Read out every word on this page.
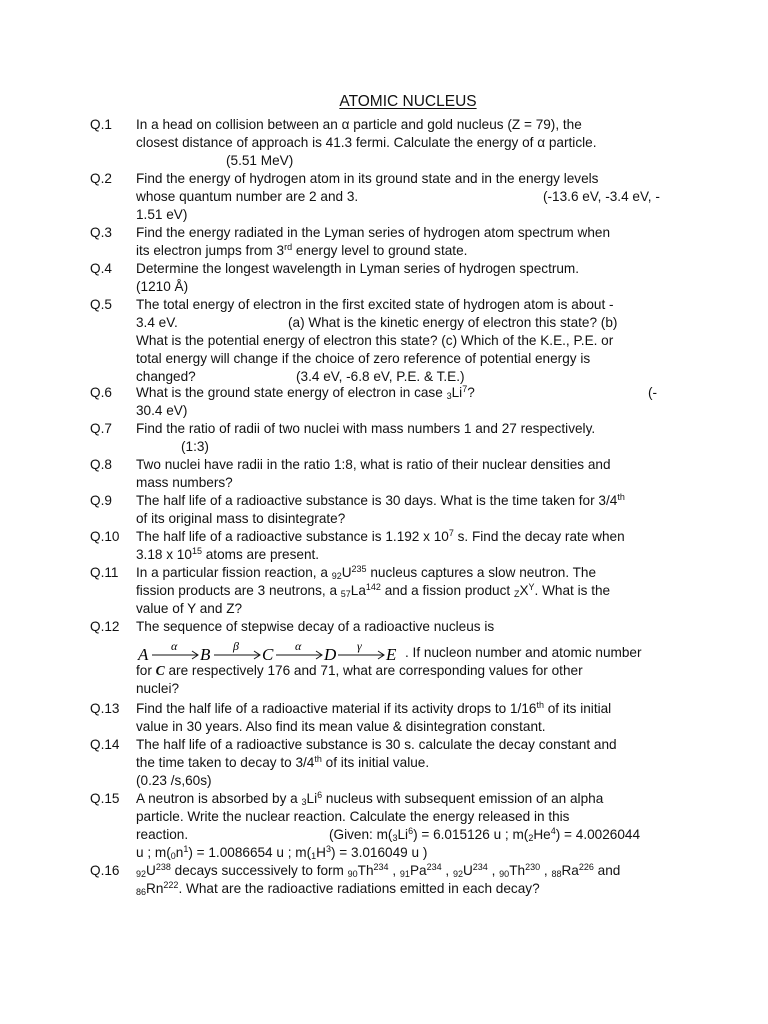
ATOMIC NUCLEUS
Q.1	In a head on collision between an α particle and gold nucleus (Z = 79), the
closest distance of approach is 41.3 fermi. Calculate the energy of α particle.
(5.51 MeV)
Q.2	Find the energy of hydrogen atom in its ground state and in the energy levels
whose quantum number are 2 and 3.	(-13.6 eV, -3.4 eV, -
1.51 eV)
Q.3	Find the energy radiated in the Lyman series of hydrogen atom spectrum when
its electron jumps from 3rd energy level to ground state.
Q.4	Determine the longest wavelength in Lyman series of hydrogen spectrum.
(1210 Å)
Q.5	The total energy of electron in the first excited state of hydrogen atom is about -
3.4 eV.	(a) What is the kinetic energy of electron this state? (b)
What is the potential energy of electron this state? (c) Which of the K.E., P.E. or
total energy will change if the choice of zero reference of potential energy is
changed?	(3.4 eV, -6.8 eV, P.E. & T.E.)
Q.6	What is the ground state energy of electron in case $_3Li^7$?	(-
30.4 eV)
Q.7	Find the ratio of radii of two nuclei with mass numbers 1 and 27 respectively.
(1:3)
Q.8	Two nuclei have radii in the ratio 1:8, what is ratio of their nuclear densities and
mass numbers?
Q.9	The half life of a radioactive substance is 30 days. What is the time taken for 3/4th
of its original mass to disintegrate?
Q.10	The half life of a radioactive substance is 1.192 x $10^7$ s. Find the decay rate when
3.18 x $10^{15}$ atoms are present.
Q.11	In a particular fission reaction, a $_{92}U^{235}$ nucleus captures a slow neutron. The
fission products are 3 neutrons, a $_{57}La^{142}$ and a fission product $_ZX^Y$. What is the
value of Y and Z?
Q.12	The sequence of stepwise decay of a radioactive nucleus is
. If nucleon number and atomic number
for C are respectively 176 and 71, what are corresponding values for other
nuclei?
A α B β C α D γ E
Q.13	Find the half life of a radioactive material if its activity drops to 1/16th of its initial
value in 30 years. Also find its mean value & disintegration constant.
Q.14	The half life of a radioactive substance is 30 s. calculate the decay constant and
the time taken to decay to 3/4th of its initial value.
(0.23 /s,60s)
Q.15	A neutron is absorbed by a $_3Li^6$ nucleus with subsequent emission of an alpha
particle. Write the nuclear reaction. Calculate the energy released in this
reaction.	(Given: $m(_3Li^6) = 6.015126$ u ; $m(_2He^4) = 4.0026044$
u ; $m(_0n^1) = 1.0086654$ u ; $m(_1H^3) = 3.016049$ u )
Q.16	$_{92}U^{238}$ decays successively to form $_{90}Th^{234}$ , $_{91}Pa^{234}$ , $_{92}U^{234}$ , $_{90}Th^{230}$ , $_{88}Ra^{226}$ and
$_{86}Rn^{222}$. What are the radioactive radiations emitted in each decay?
